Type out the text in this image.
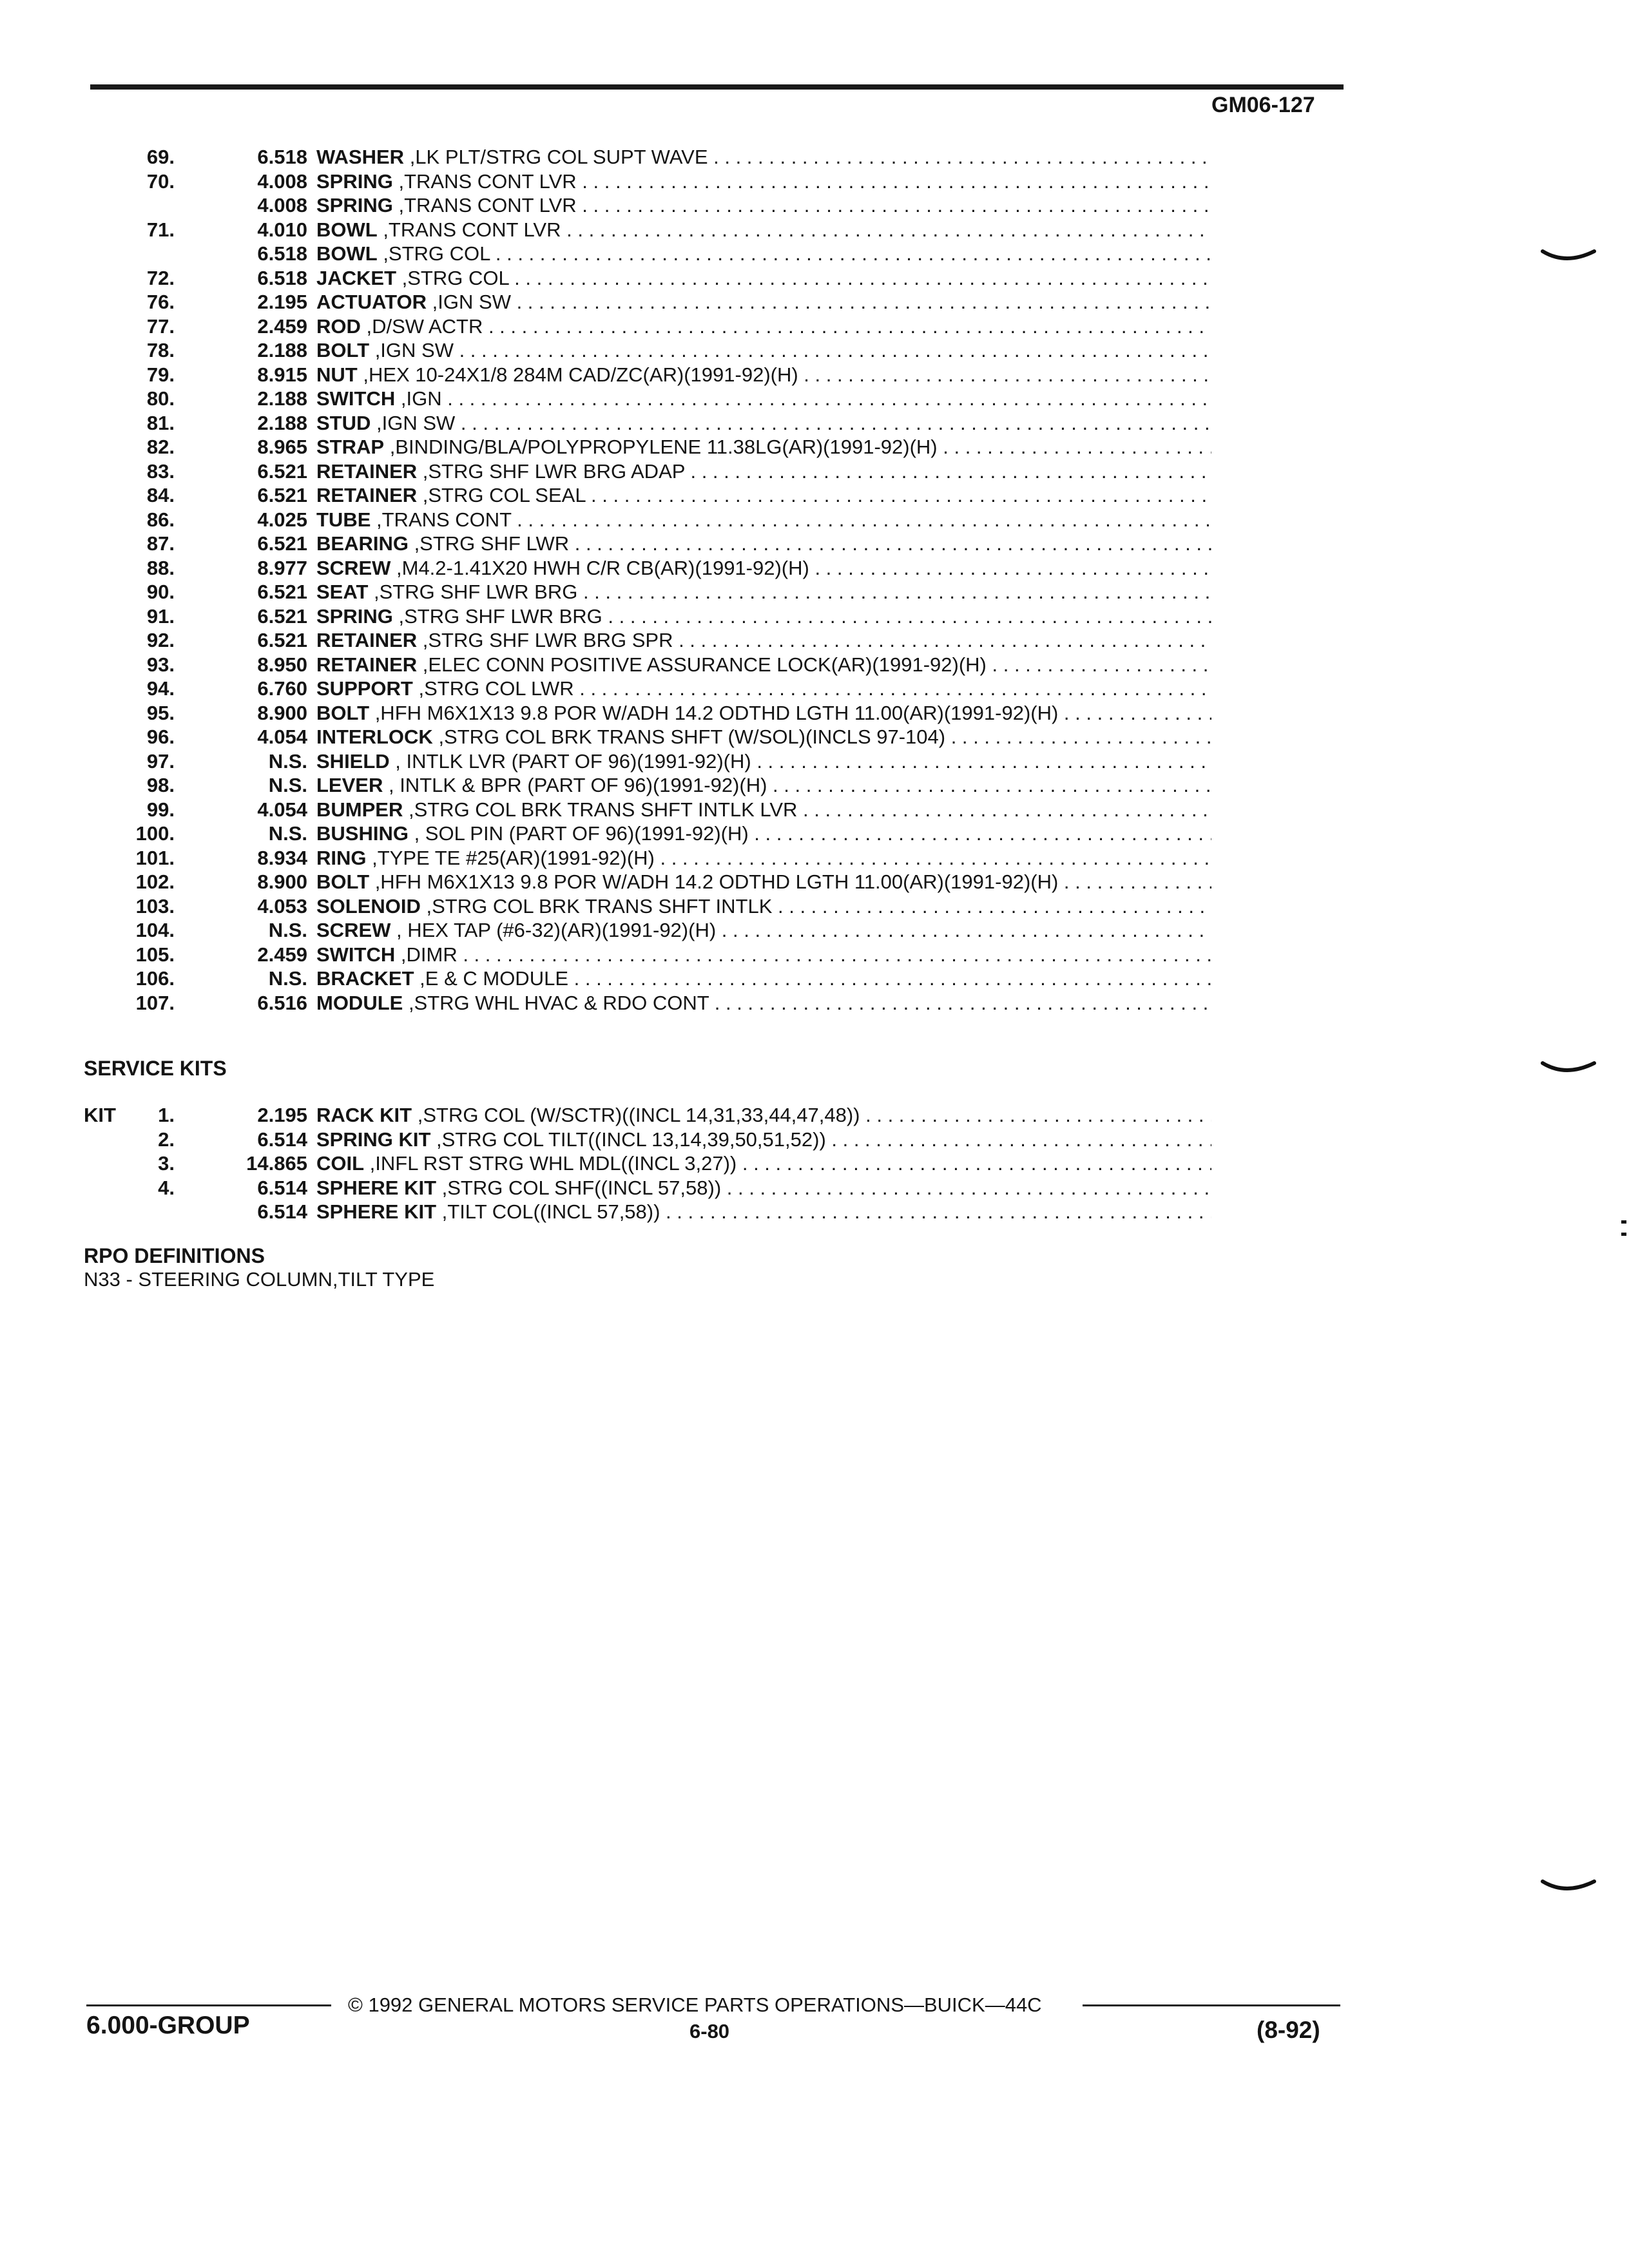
GM06-127
69.	6.518 WASHER ,LK PLT/STRG COL SUPT WAVE . . .
70.	4.008 SPRING ,TRANS CONT LVR . . .
4.008 SPRING ,TRANS CONT LVR . . .
71.	4.010 BOWL ,TRANS CONT LVR . . .
6.518 BOWL ,STRG COL . . .
72.	6.518 JACKET ,STRG COL . . .
76.	2.195 ACTUATOR ,IGN SW . . .
77.	2.459 ROD ,D/SW ACTR . . .
78.	2.188 BOLT ,IGN SW . . .
79.	8.915 NUT ,HEX 10-24X1/8 284M CAD/ZC(AR)(1991-92)(H) . . .
80.	2.188 SWITCH ,IGN . . .
81.	2.188 STUD ,IGN SW . . .
82.	8.965 STRAP ,BINDING/BLA/POLYPROPYLENE 11.38LG(AR)(1991-92)(H) . . .
83.	6.521 RETAINER ,STRG SHF LWR BRG ADAP . . .
84.	6.521 RETAINER ,STRG COL SEAL . . .
86.	4.025 TUBE ,TRANS CONT . . .
87.	6.521 BEARING ,STRG SHF LWR . . .
88.	8.977 SCREW ,M4.2-1.41X20 HWH C/R CB(AR)(1991-92)(H) . . .
90.	6.521 SEAT ,STRG SHF LWR BRG . . .
91.	6.521 SPRING ,STRG SHF LWR BRG . . .
92.	6.521 RETAINER ,STRG SHF LWR BRG SPR . . .
93.	8.950 RETAINER ,ELEC CONN POSITIVE ASSURANCE LOCK(AR)(1991-92)(H) . . .
94.	6.760 SUPPORT ,STRG COL LWR . . .
95.	8.900 BOLT ,HFH M6X1X13 9.8 POR W/ADH 14.2 ODTHD LGTH 11.00(AR)(1991-92)(H) . . .
96.	4.054 INTERLOCK ,STRG COL BRK TRANS SHFT (W/SOL)(INCLS 97-104) . . .
97.	N.S. SHIELD , INTLK LVR (PART OF 96)(1991-92)(H) . . .
98.	N.S. LEVER , INTLK & BPR (PART OF 96)(1991-92)(H) . . .
99.	4.054 BUMPER ,STRG COL BRK TRANS SHFT INTLK LVR . . .
100.	N.S. BUSHING , SOL PIN (PART OF 96)(1991-92)(H) . . .
101.	8.934 RING ,TYPE TE #25(AR)(1991-92)(H) . . .
102.	8.900 BOLT ,HFH M6X1X13 9.8 POR W/ADH 14.2 ODTHD LGTH 11.00(AR)(1991-92)(H) . . .
103.	4.053 SOLENOID ,STRG COL BRK TRANS SHFT INTLK . . .
104.	N.S. SCREW , HEX TAP (#6-32)(AR)(1991-92)(H) . . .
105.	2.459 SWITCH ,DIMR . . .
106.	N.S. BRACKET ,E & C MODULE . . .
107.	6.516 MODULE ,STRG WHL HVAC & RDO CONT . . .
SERVICE KITS
KIT	1.	2.195 RACK KIT ,STRG COL (W/SCTR)((INCL 14,31,33,44,47,48)) . . .
2.	6.514 SPRING KIT ,STRG COL TILT((INCL 13,14,39,50,51,52)) . . .
3.	14.865 COIL ,INFL RST STRG WHL MDL((INCL 3,27)) . . .
4.	6.514 SPHERE KIT ,STRG COL SHF((INCL 57,58)) . . .
6.514 SPHERE KIT ,TILT COL((INCL 57,58)) . . .
RPO DEFINITIONS
N33 - STEERING COLUMN,TILT TYPE
© 1992 GENERAL MOTORS SERVICE PARTS OPERATIONS—BUICK—44C
6.000-GROUP	6-80	(8-92)
